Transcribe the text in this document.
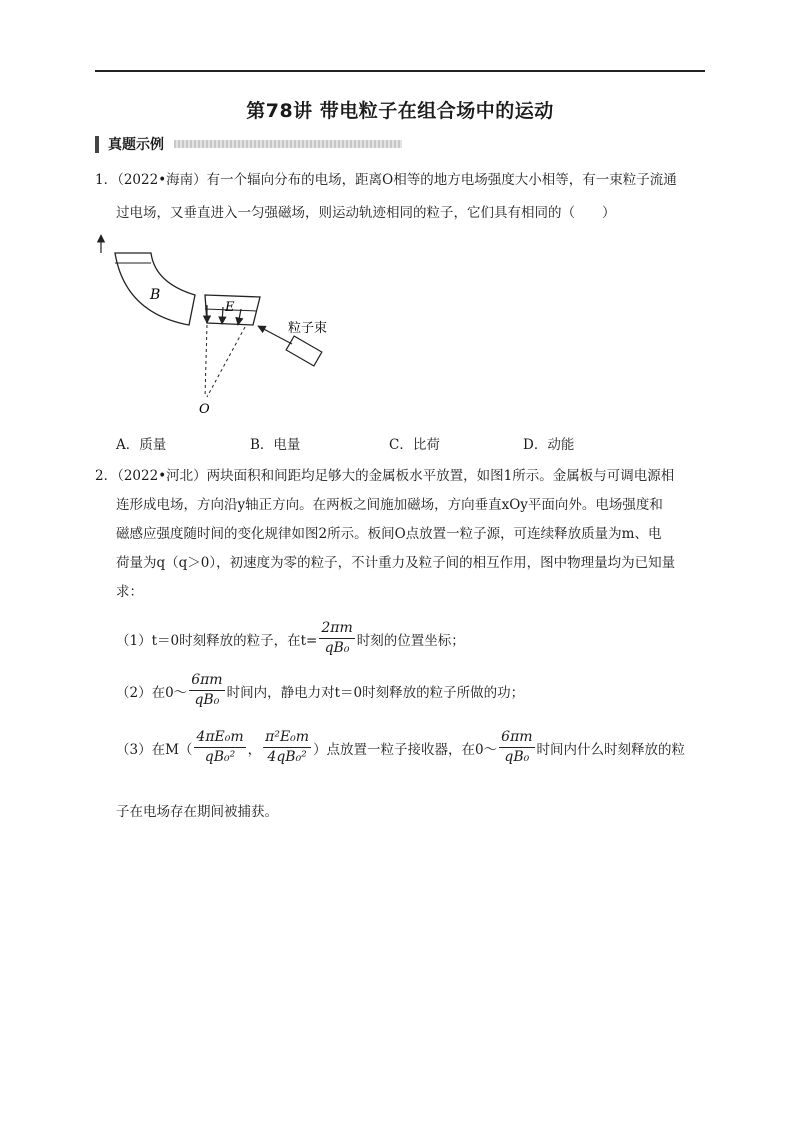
第78讲 带电粒子在组合场中的运动
真题示例
1．（2022•海南）有一个辐向分布的电场，距离O相等的地方电场强度大小相等，有一束粒子流通
过电场，又垂直进入一匀强磁场，则运动轨迹相同的粒子，它们具有相同的（　　）
B
E
O
粒子束
A．质量	B．电量	C．比荷	D．动能
2．（2022•河北）两块面积和间距均足够大的金属板水平放置，如图1所示。金属板与可调电源相
连形成电场，方向沿y轴正方向。在两板之间施加磁场，方向垂直xOy平面向外。电场强度和
磁感应强度随时间的变化规律如图2所示。板间O点放置一粒子源，可连续释放质量为m、电
荷量为q（q＞0），初速度为零的粒子，不计重力及粒子间的相互作用，图中物理量均为已知量
求：
（1）t＝0时刻释放的粒子，在$t= \frac{2\pi m}{\text{qB₀}}$ 时刻的位置坐标；
（2）在0～ $\frac{6\pi m}{\text{qB₀}}$ 时间内，静电力对t＝0时刻释放的粒子所做的功；
（3）在$M( \frac{\text{4πE₀m}}{\text{qB₀²}}$ ， $\frac{\text{π²E₀m}}{\text{4qB₀²}}$ ）点放置一粒子接收器，在0～ $\frac{6\pi m}{\text{qB₀}}$ 时间内什么时刻释放的粒
子在电场存在期间被捕获。
